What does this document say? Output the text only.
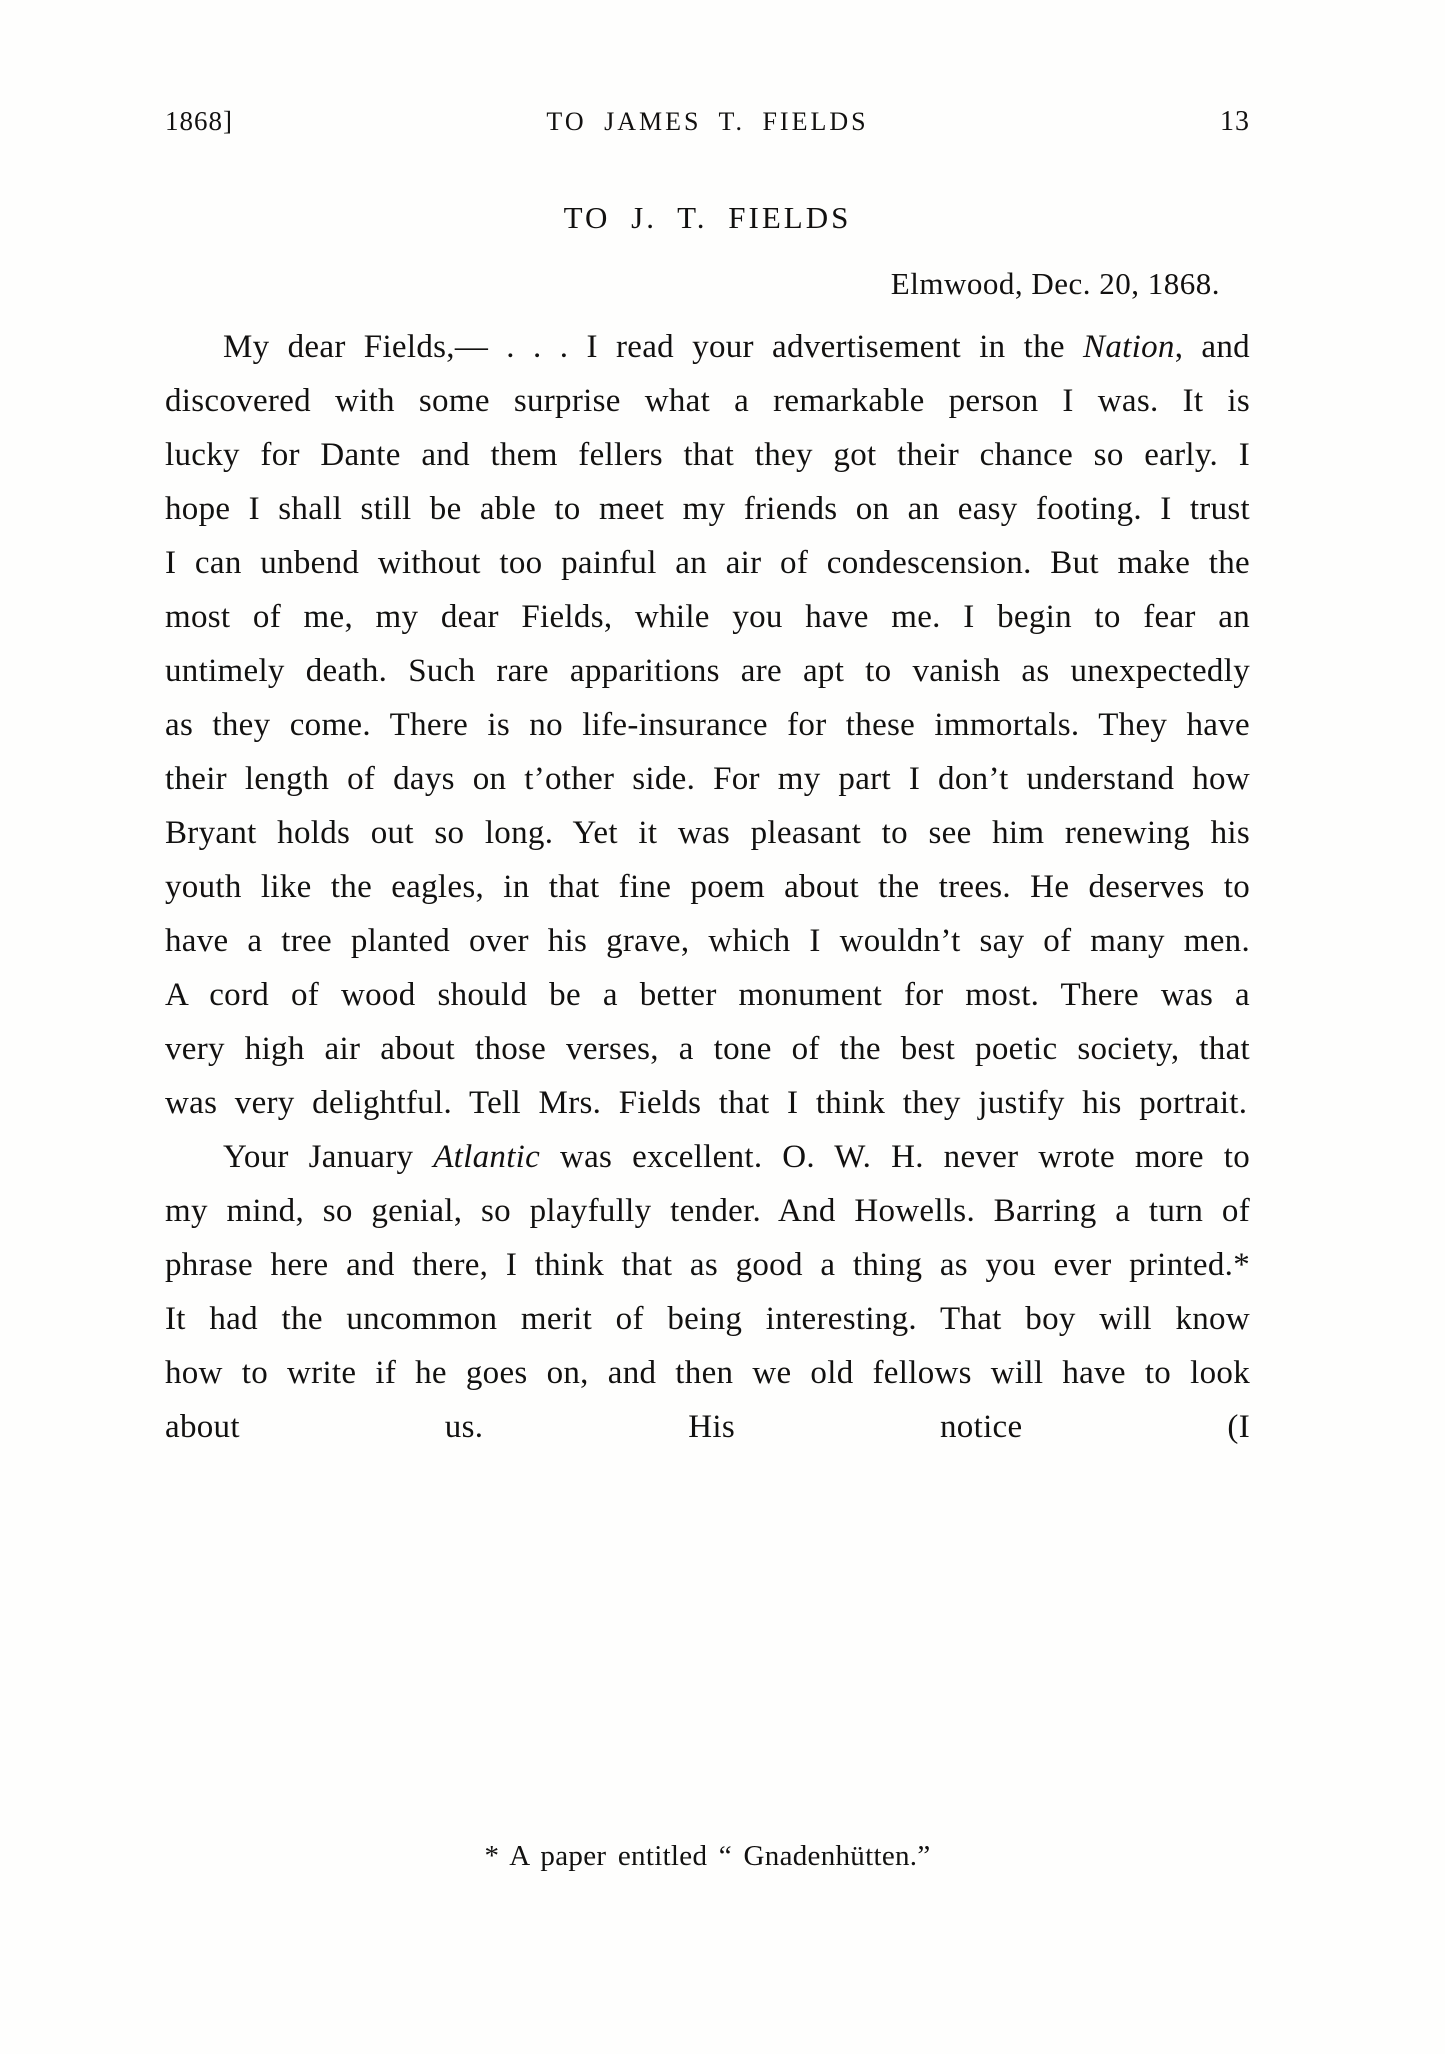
1868]	TO JAMES T. FIELDS	13
TO J. T. FIELDS
Elmwood, Dec. 20, 1868.

My dear Fields,— . . . I read your advertisement in the Nation, and discovered with some surprise what a remarkable person I was. It is lucky for Dante and them fellers that they got their chance so early. I hope I shall still be able to meet my friends on an easy footing. I trust I can unbend without too painful an air of condescension. But make the most of me, my dear Fields, while you have me. I begin to fear an untimely death. Such rare apparitions are apt to vanish as unexpectedly as they come. There is no life-insurance for these immortals. They have their length of days on t’other side. For my part I don’t understand how Bryant holds out so long. Yet it was pleasant to see him renewing his youth like the eagles, in that fine poem about the trees. He deserves to have a tree planted over his grave, which I wouldn’t say of many men. A cord of wood should be a better monument for most. There was a very high air about those verses, a tone of the best poetic society, that was very delightful. Tell Mrs. Fields that I think they justify his portrait.

Your January Atlantic was excellent. O. W. H. never wrote more to my mind, so genial, so playfully tender. And Howells. Barring a turn of phrase here and there, I think that as good a thing as you ever printed.* It had the uncommon merit of being interesting. That boy will know how to write if he goes on, and then we old fellows will have to look about us. His notice (I

* A paper entitled “ Gnadenhütten.”
